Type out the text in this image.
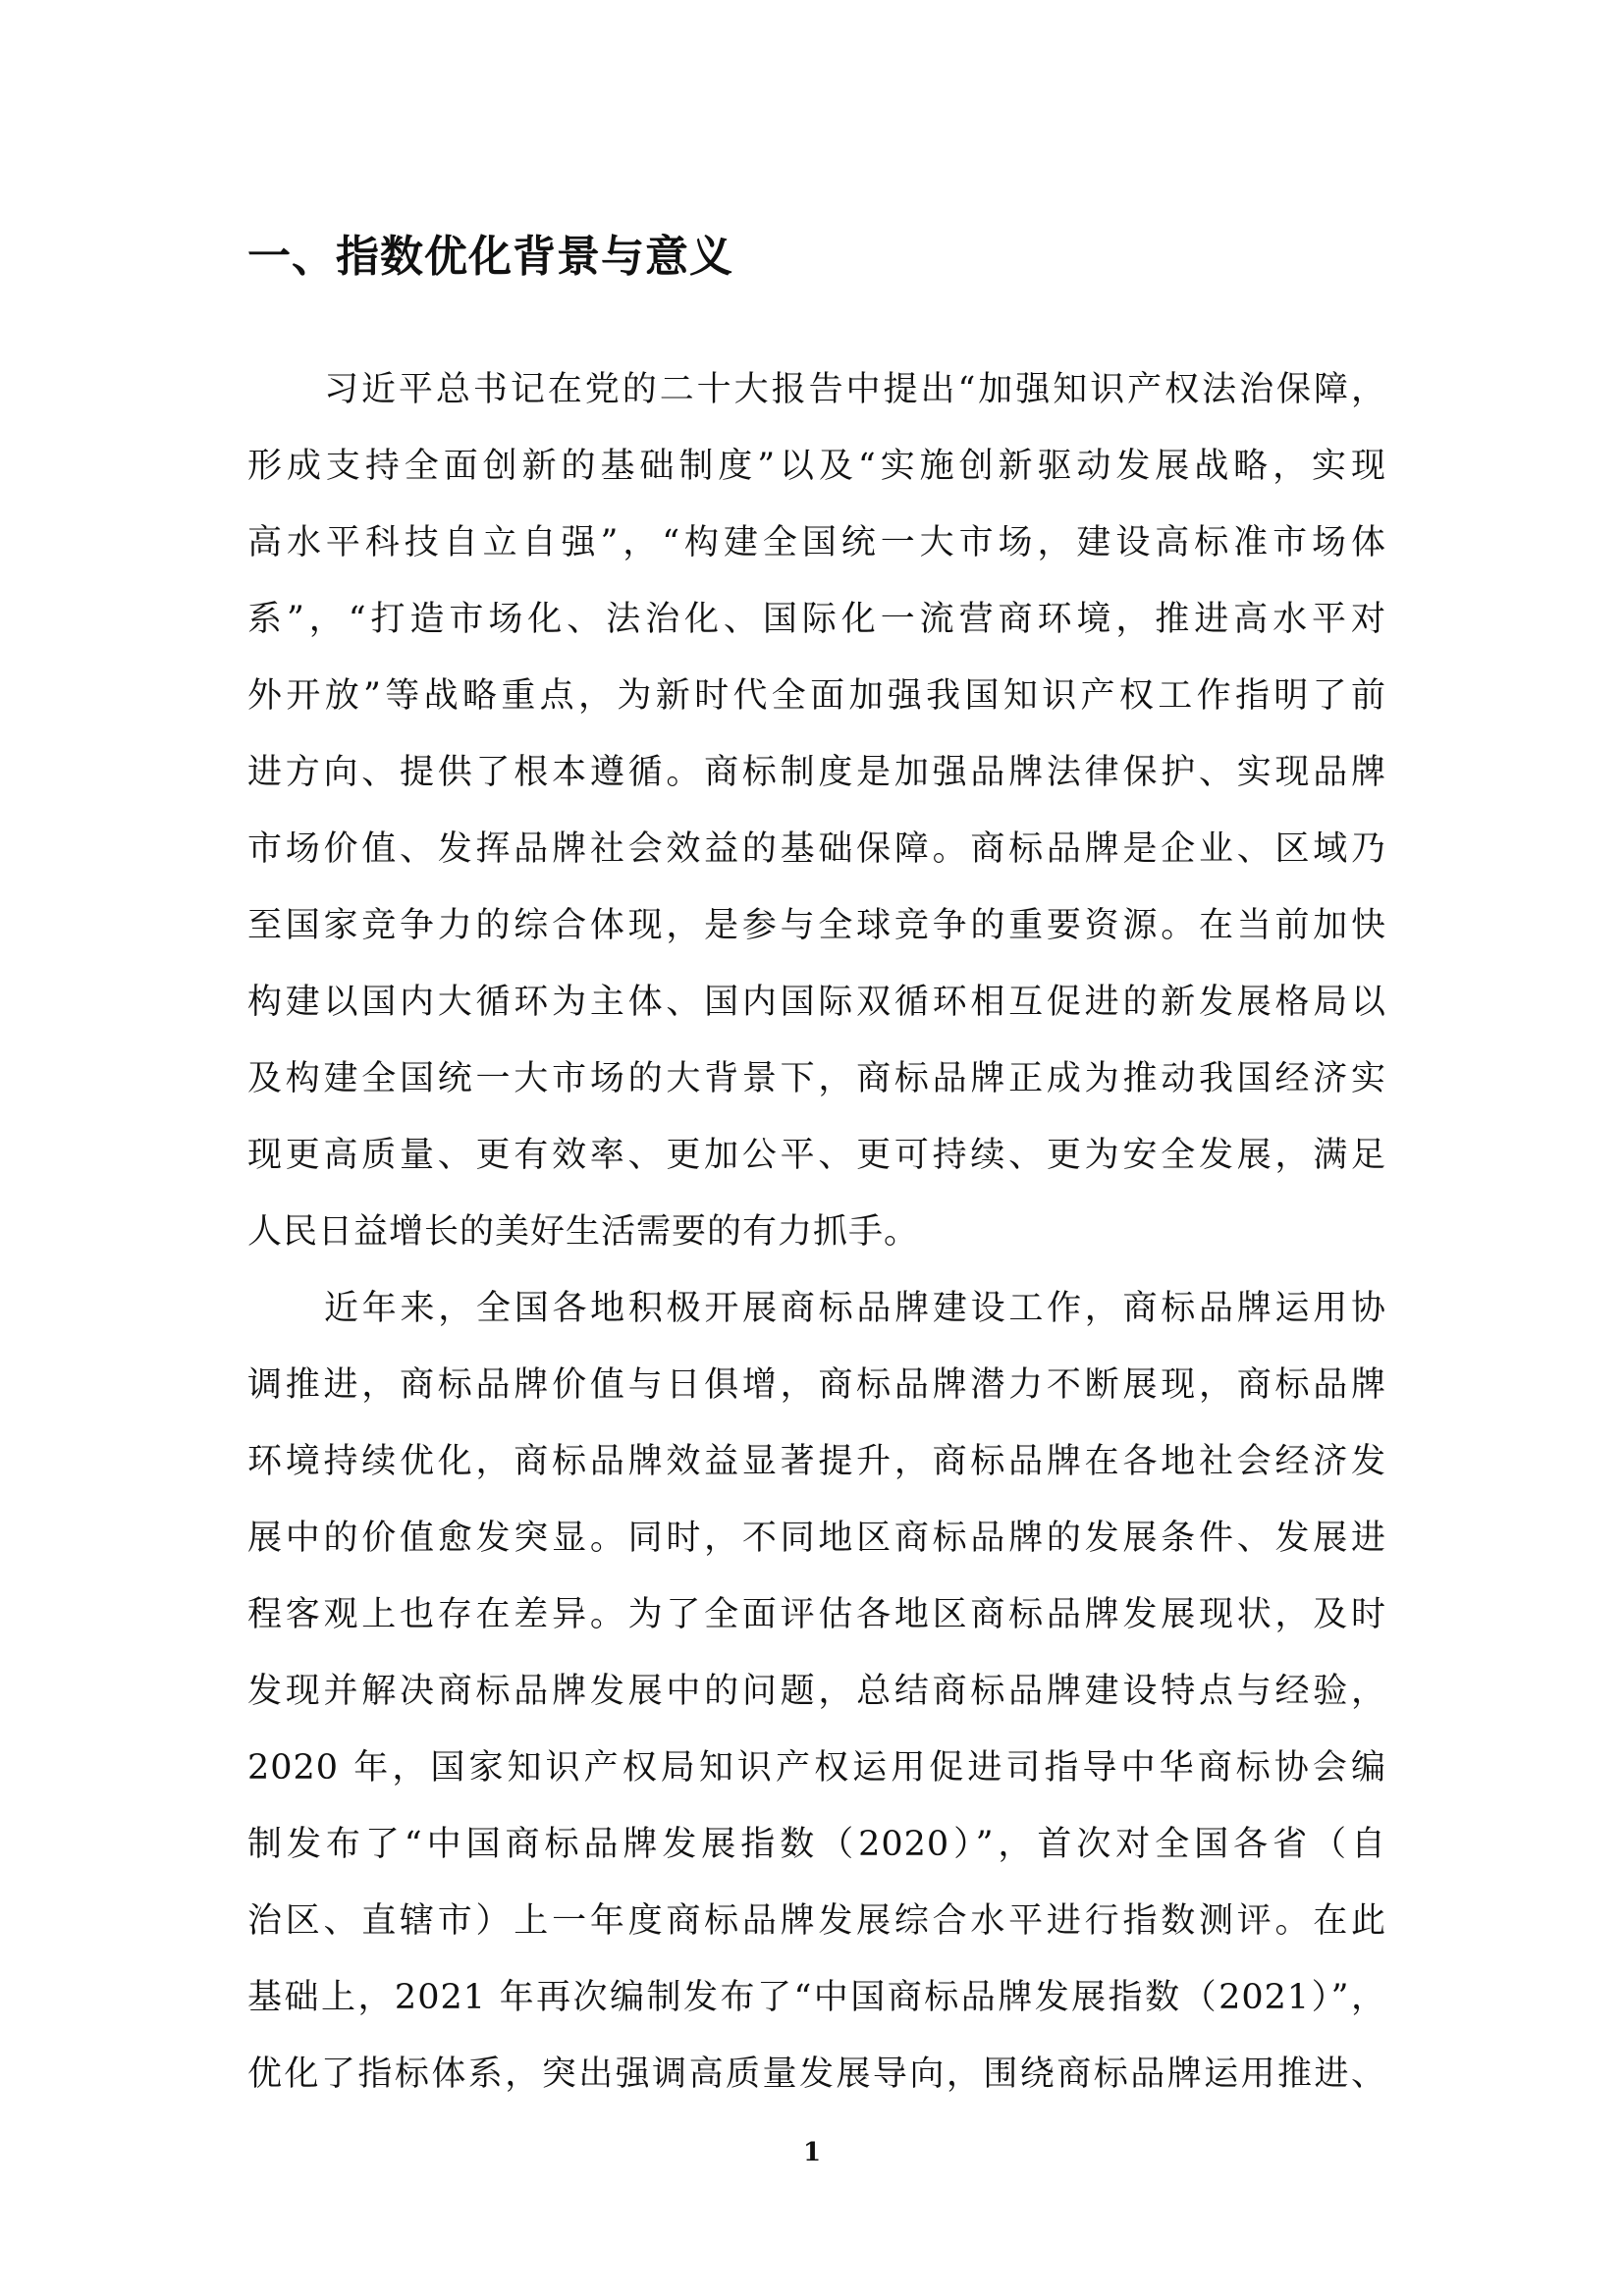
一、指数优化背景与意义
习近平总书记在党的二十大报告中提出“加强知识产权法治保障，
形成支持全面创新的基础制度”以及“实施创新驱动发展战略，实现
高水平科技自立自强”，“构建全国统一大市场，建设高标准市场体
系”，“打造市场化、法治化、国际化一流营商环境，推进高水平对
外开放”等战略重点，为新时代全面加强我国知识产权工作指明了前
进方向、提供了根本遵循。商标制度是加强品牌法律保护、实现品牌
市场价值、发挥品牌社会效益的基础保障。商标品牌是企业、区域乃
至国家竞争力的综合体现，是参与全球竞争的重要资源。在当前加快
构建以国内大循环为主体、国内国际双循环相互促进的新发展格局以
及构建全国统一大市场的大背景下，商标品牌正成为推动我国经济实
现更高质量、更有效率、更加公平、更可持续、更为安全发展，满足
人民日益增长的美好生活需要的有力抓手。
近年来，全国各地积极开展商标品牌建设工作，商标品牌运用协
调推进，商标品牌价值与日俱增，商标品牌潜力不断展现，商标品牌
环境持续优化，商标品牌效益显著提升，商标品牌在各地社会经济发
展中的价值愈发突显。同时，不同地区商标品牌的发展条件、发展进
程客观上也存在差异。为了全面评估各地区商标品牌发展现状，及时
发现并解决商标品牌发展中的问题，总结商标品牌建设特点与经验，
2020 年，国家知识产权局知识产权运用促进司指导中华商标协会编
制发布了“中国商标品牌发展指数（2020）”，首次对全国各省（自
治区、直辖市）上一年度商标品牌发展综合水平进行指数测评。在此
基础上，2021 年再次编制发布了“中国商标品牌发展指数（2021）”，
优化了指标体系，突出强调高质量发展导向，围绕商标品牌运用推进、
1
